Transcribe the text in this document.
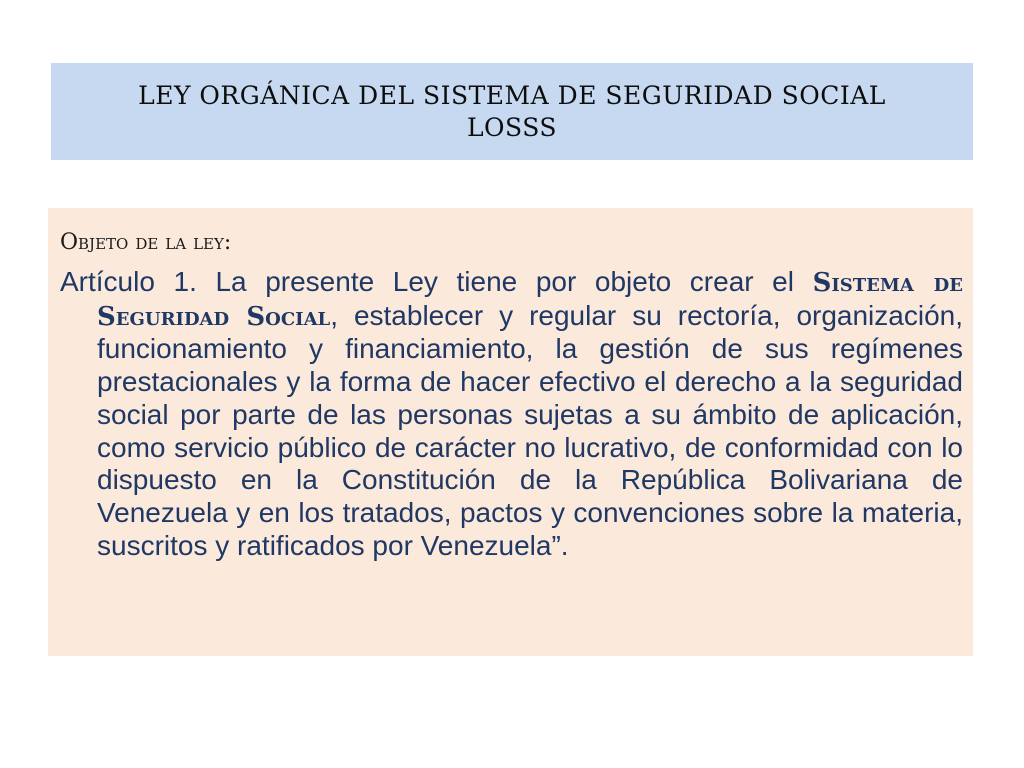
LEY ORGÁNICA DEL SISTEMA DE SEGURIDAD SOCIAL
LOSSS

Objeto de la ley:

Artículo 1. La presente Ley tiene por objeto crear el Sistema de Seguridad Social, establecer y regular su rectoría, organización, funcionamiento y financiamiento, la gestión de sus regímenes prestacionales y la forma de hacer efectivo el derecho a la seguridad social por parte de las personas sujetas a su ámbito de aplicación, como servicio público de carácter no lucrativo, de conformidad con lo dispuesto en la Constitución de la República Bolivariana de Venezuela y en los tratados, pactos y convenciones sobre la materia, suscritos y ratificados por Venezuela”.
